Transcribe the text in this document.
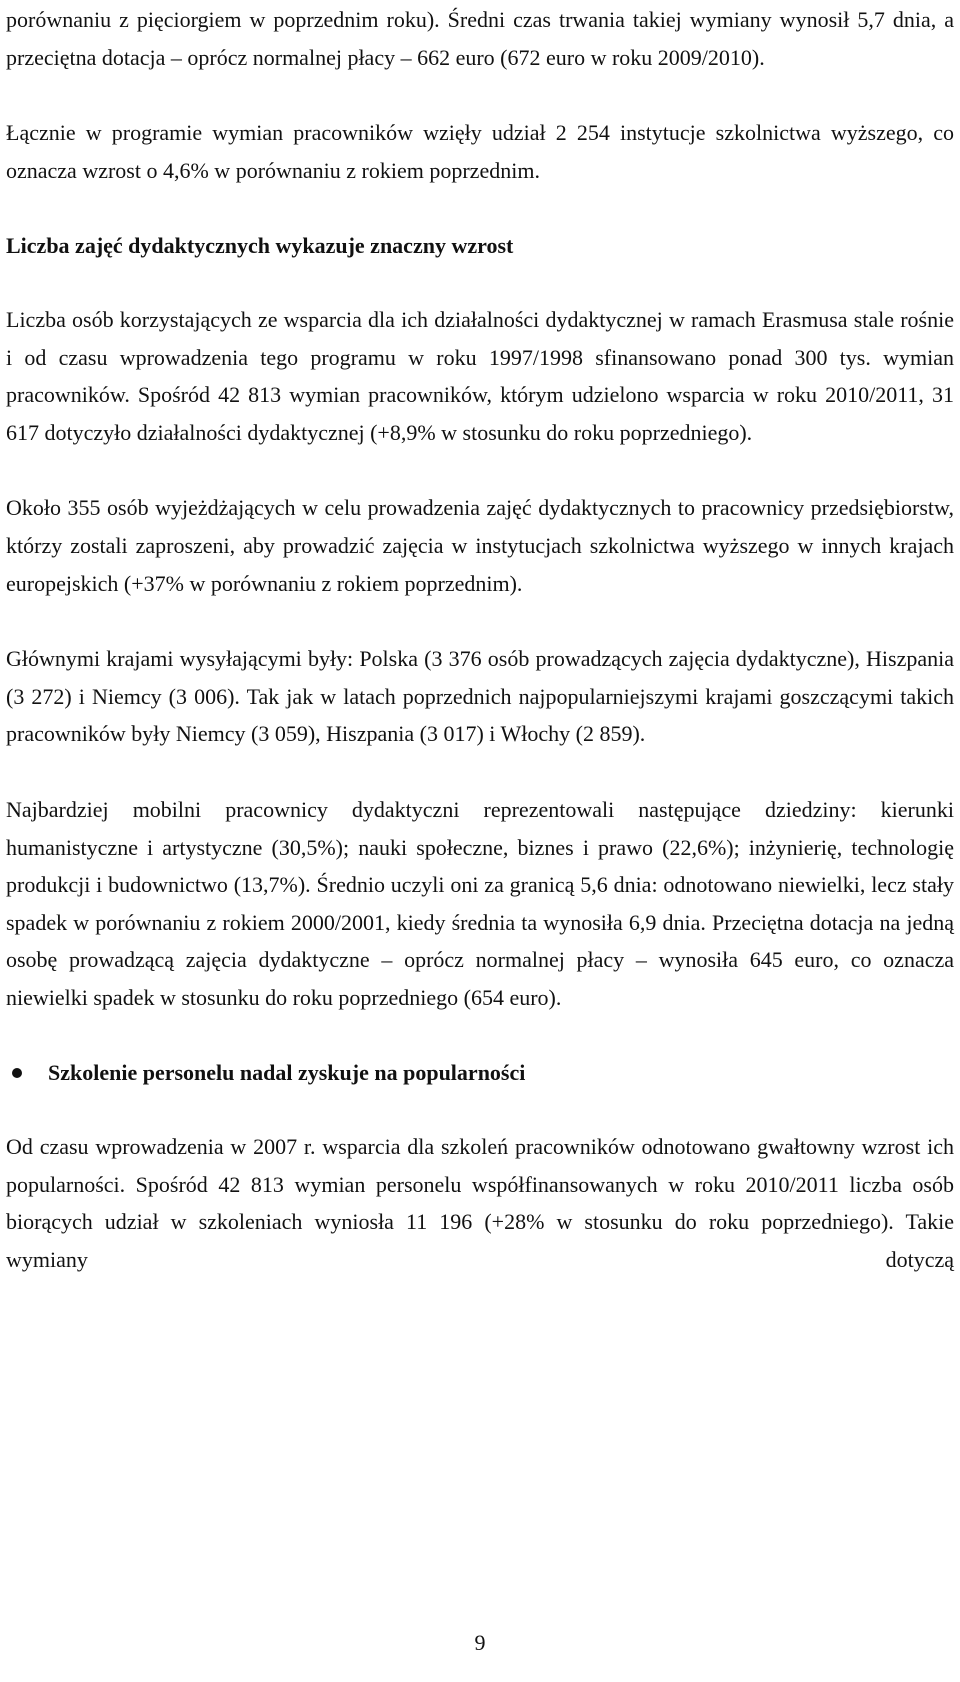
porównaniu z pięciorgiem w poprzednim roku). Średni czas trwania takiej wymiany wynosił 5,7 dnia, a przeciętna dotacja – oprócz normalnej płacy – 662 euro (672 euro w roku 2009/2010).

Łącznie w programie wymian pracowników wzięły udział 2 254 instytucje szkolnictwa wyższego, co oznacza wzrost o 4,6% w porównaniu z rokiem poprzednim.

Liczba zajęć dydaktycznych wykazuje znaczny wzrost

Liczba osób korzystających ze wsparcia dla ich działalności dydaktycznej w ramach Erasmusa stale rośnie i od czasu wprowadzenia tego programu w roku 1997/1998 sfinansowano ponad 300 tys. wymian pracowników. Spośród 42 813 wymian pracowników, którym udzielono wsparcia w roku 2010/2011, 31 617 dotyczyło działalności dydaktycznej (+8,9% w stosunku do roku poprzedniego).

Około 355 osób wyjeżdżających w celu prowadzenia zajęć dydaktycznych to pracownicy przedsiębiorstw, którzy zostali zaproszeni, aby prowadzić zajęcia w instytucjach szkolnictwa wyższego w innych krajach europejskich (+37% w porównaniu z rokiem poprzednim).

Głównymi krajami wysyłającymi były: Polska (3 376 osób prowadzących zajęcia dydaktyczne), Hiszpania (3 272) i Niemcy (3 006). Tak jak w latach poprzednich najpopularniejszymi krajami goszczącymi takich pracowników były Niemcy (3 059), Hiszpania (3 017) i Włochy (2 859).

Najbardziej mobilni pracownicy dydaktyczni reprezentowali następujące dziedziny: kierunki humanistyczne i artystyczne (30,5%); nauki społeczne, biznes i prawo (22,6%); inżynierię, technologię produkcji i budownictwo (13,7%). Średnio uczyli oni za granicą 5,6 dnia: odnotowano niewielki, lecz stały spadek w porównaniu z rokiem 2000/2001, kiedy średnia ta wynosiła 6,9 dnia. Przeciętna dotacja na jedną osobę prowadzącą zajęcia dydaktyczne – oprócz normalnej płacy – wynosiła 645 euro, co oznacza niewielki spadek w stosunku do roku poprzedniego (654 euro).

Szkolenie personelu nadal zyskuje na popularności

Od czasu wprowadzenia w 2007 r. wsparcia dla szkoleń pracowników odnotowano gwałtowny wzrost ich popularności. Spośród 42 813 wymian personelu współfinansowanych w roku 2010/2011 liczba osób biorących udział w szkoleniach wyniosła 11 196 (+28% w stosunku do roku poprzedniego). Takie wymiany dotyczą

9
